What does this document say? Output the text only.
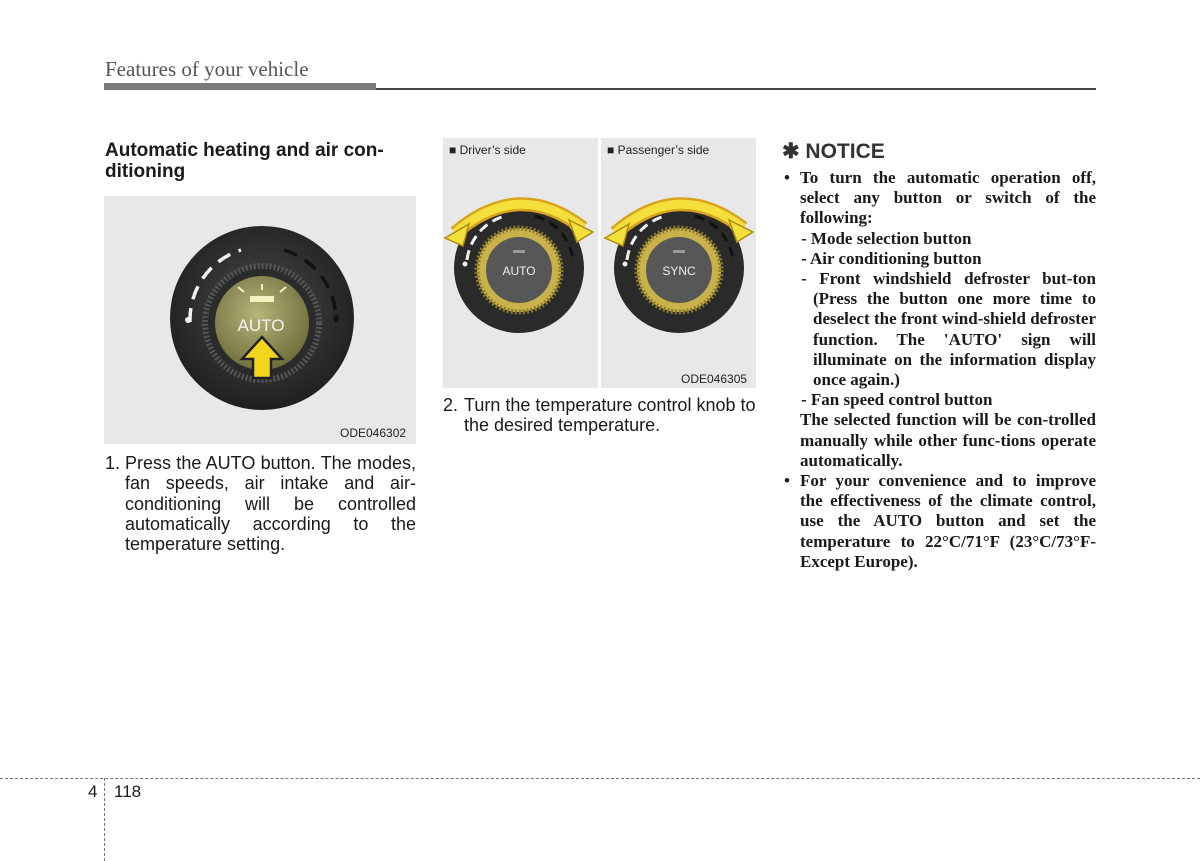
Features of your vehicle
Automatic heating and air con-ditioning
AUTO
ODE046302
■ Driver’s side
AUTO
■ Passenger’s side
SYNC
ODE046305
1. Press the AUTO button. The modes, fan speeds, air intake and air-conditioning will be controlled automatically according to the temperature setting.
2. Turn the temperature control knob to the desired temperature.
✱ NOTICE
• To turn the automatic operation off, select any button or switch of the following:
- Mode selection button
- Air conditioning button
- Front windshield defroster but-ton (Press the button one more time to deselect the front wind-shield defroster function. The 'AUTO' sign will illuminate on the information display once again.)
- Fan speed control button
The selected function will be con-trolled manually while other func-tions operate automatically.
• For your convenience and to improve the effectiveness of the climate control, use the AUTO button and set the temperature to 22°C/71°F (23°C/73°F- Except Europe).
4 118
